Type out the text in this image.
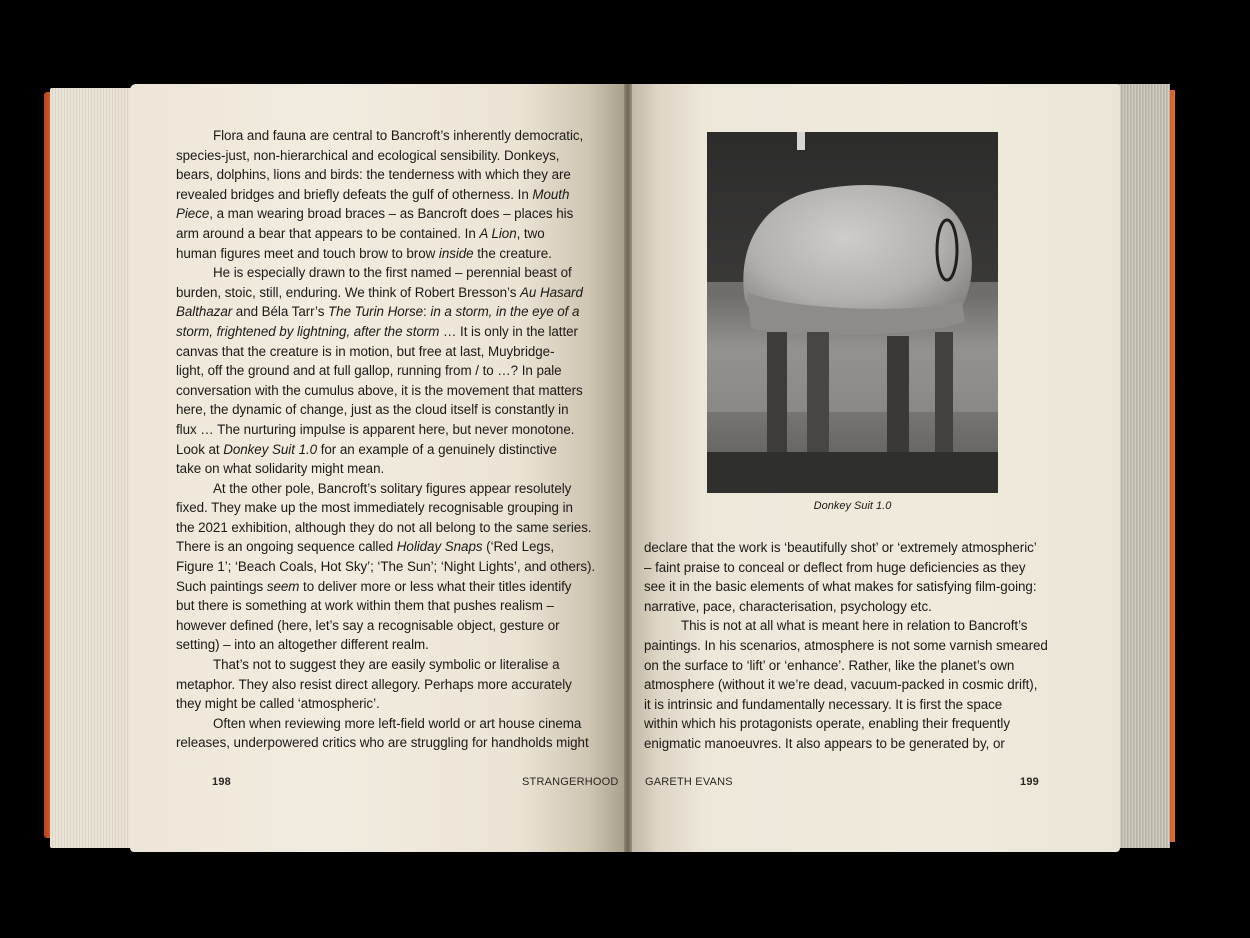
Flora and fauna are central to Bancroft’s inherently democratic,
species-just, non-hierarchical and ecological sensibility. Donkeys,
bears, dolphins, lions and birds: the tenderness with which they are
revealed bridges and briefly defeats the gulf of otherness. In Mouth
Piece, a man wearing broad braces – as Bancroft does – places his
arm around a bear that appears to be contained. In A Lion, two
human figures meet and touch brow to brow inside the creature.
He is especially drawn to the first named – perennial beast of
burden, stoic, still, enduring. We think of Robert Bresson’s Au Hasard
Balthazar and Béla Tarr’s The Turin Horse: in a storm, in the eye of a
storm, frightened by lightning, after the storm … It is only in the latter
canvas that the creature is in motion, but free at last, Muybridge-
light, off the ground and at full gallop, running from / to …? In pale
conversation with the cumulus above, it is the movement that matters
here, the dynamic of change, just as the cloud itself is constantly in
flux … The nurturing impulse is apparent here, but never monotone.
Look at Donkey Suit 1.0 for an example of a genuinely distinctive
take on what solidarity might mean.
At the other pole, Bancroft’s solitary figures appear resolutely
fixed. They make up the most immediately recognisable grouping in
the 2021 exhibition, although they do not all belong to the same series.
There is an ongoing sequence called Holiday Snaps (‘Red Legs,
Figure 1’; ‘Beach Coals, Hot Sky’; ‘The Sun’; ‘Night Lights’, and others).
Such paintings seem to deliver more or less what their titles identify
but there is something at work within them that pushes realism –
however defined (here, let’s say a recognisable object, gesture or
setting) – into an altogether different realm.
That’s not to suggest they are easily symbolic or literalise a
metaphor. They also resist direct allegory. Perhaps more accurately
they might be called ‘atmospheric’.
Often when reviewing more left-field world or art house cinema
releases, underpowered critics who are struggling for handholds might
198	STRANGERHOOD
Donkey Suit 1.0
declare that the work is ‘beautifully shot’ or ‘extremely atmospheric’
– faint praise to conceal or deflect from huge deficiencies as they
see it in the basic elements of what makes for satisfying film-going:
narrative, pace, characterisation, psychology etc.
This is not at all what is meant here in relation to Bancroft’s
paintings. In his scenarios, atmosphere is not some varnish smeared
on the surface to ‘lift’ or ‘enhance’. Rather, like the planet’s own
atmosphere (without it we’re dead, vacuum-packed in cosmic drift),
it is intrinsic and fundamentally necessary. It is first the space
within which his protagonists operate, enabling their frequently
enigmatic manoeuvres. It also appears to be generated by, or
GARETH EVANS	199
